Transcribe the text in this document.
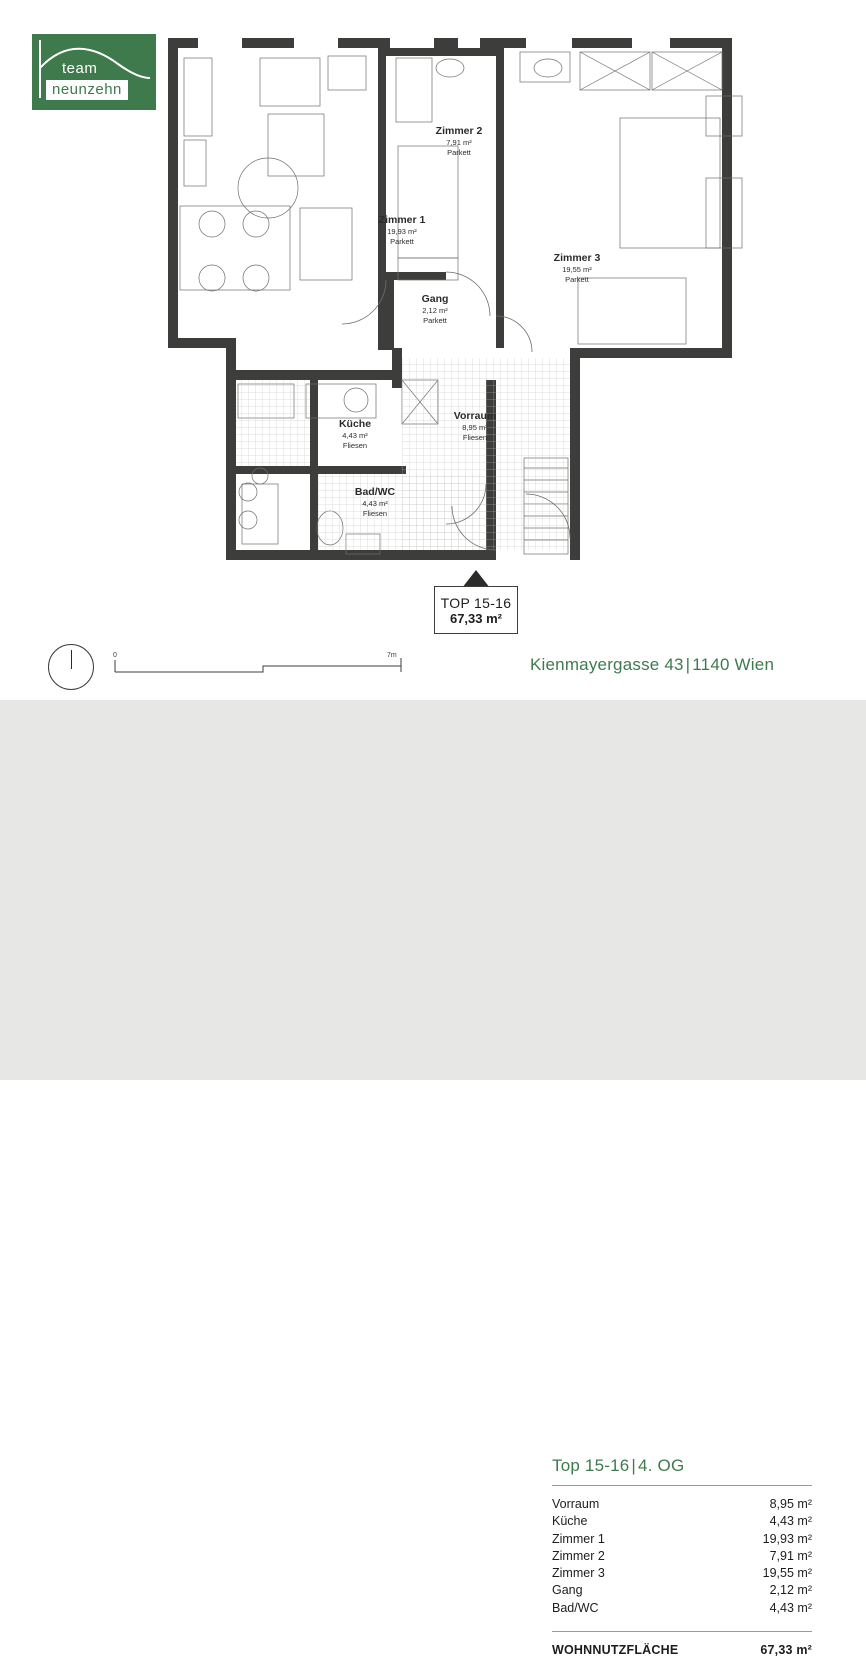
team
neunzehn
Zimmer 1
19,93 m²
Parkett
Zimmer 2
7,91 m²
Parkett
Zimmer 3
19,55 m²
Parkett
Gang
2,12 m²
Parkett
Küche
4,43 m²
Fliesen
Vorraum
8,95 m²
Fliesen
Bad/WC
4,43 m²
Fliesen
TOP 15-16
67,33 m²
0	7m	Kienmayergasse 43 | 1140 Wien
Top 15-16 | 4. OG
Vorraum	8,95 m²
Küche	4,43 m²
Zimmer 1	19,93 m²
Zimmer 2	7,91 m²
Zimmer 3	19,55 m²
Gang	2,12 m²
Bad/WC	4,43 m²
WOHNNUTZFLÄCHE	67,33 m²
